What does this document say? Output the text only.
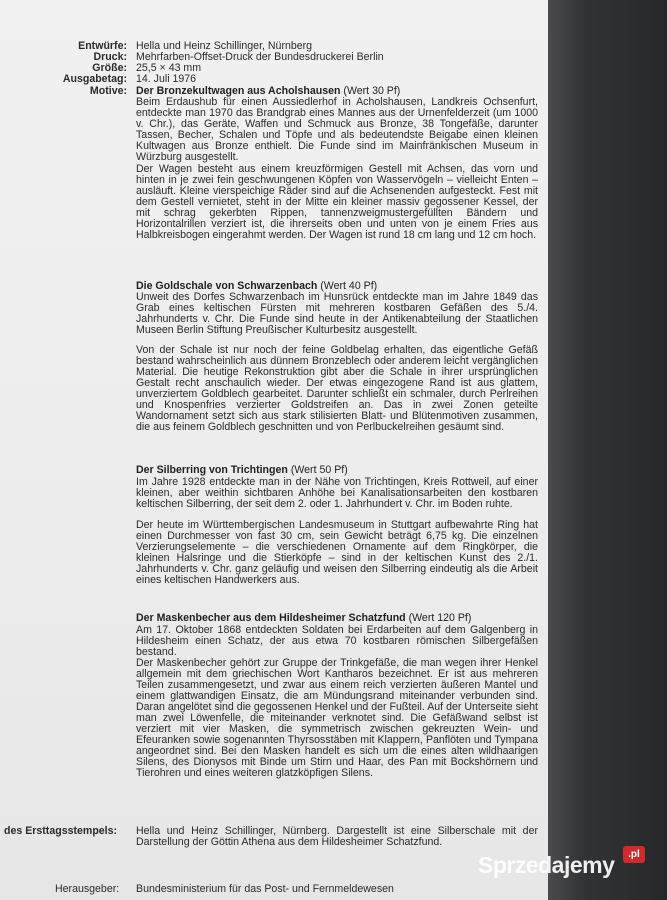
Entwürfe: Hella und Heinz Schillinger, Nürnberg
Druck: Mehrfarben-Offset-Druck der Bundesdruckerei Berlin
Größe: 25,5 × 43 mm
Ausgabetag: 14. Juli 1976
Motive: Der Bronzekultwagen aus Acholshausen (Wert 30 Pf)

Beim Erdaushub für einen Aussiedlerhof in Acholshausen, Landkreis Ochsenfurt, entdeckte man 1970 das Brandgrab eines Mannes aus der Urnenfelderzeit (um 1000 v. Chr.), das Geräte, Waffen und Schmuck aus Bronze, 38 Tongefäße, darunter Tassen, Becher, Schalen und Töpfe und als bedeutendste Beigabe einen kleinen Kultwagen aus Bronze enthielt. Die Funde sind im Mainfränkischen Museum in Würzburg ausgestellt.

Der Wagen besteht aus einem kreuzförmigen Gestell mit Achsen, das vorn und hinten in je zwei fein geschwungenen Köpfen von Wasservögeln – vielleicht Enten – ausläuft. Kleine vierspeichige Räder sind auf die Achsenenden aufgesteckt. Fest mit dem Gestell vernietet, steht in der Mitte ein kleiner massiv gegossener Kessel, der mit schrag gekerbten Rippen, tannenzweigmustergefüllten Bändern und Horizontalrillen verziert ist, die ihrerseits oben und unten von je einem Fries aus Halbkreisbogen eingerahmt werden. Der Wagen ist rund 18 cm lang und 12 cm hoch.

Die Goldschale von Schwarzenbach (Wert 40 Pf)

Unweit des Dorfes Schwarzenbach im Hunsrück entdeckte man im Jahre 1849 das Grab eines keltischen Fürsten mit mehreren kostbaren Gefäßen des 5./4. Jahrhunderts v. Chr. Die Funde sind heute in der Antikenabteilung der Staatlichen Museen Berlin Stiftung Preußischer Kulturbesitz ausgestellt.

Von der Schale ist nur noch der feine Goldbelag erhalten, das eigentliche Gefäß bestand wahrscheinlich aus dünnem Bronzeblech oder anderem leicht vergänglichen Material. Die heutige Rekonstruktion gibt aber die Schale in ihrer ursprünglichen Gestalt recht anschaulich wieder. Der etwas eingezogene Rand ist aus glattem, unverziertem Goldblech gearbeitet. Darunter schließt ein schmaler, durch Perlreihen und Knospenfries verzierter Goldstreifen an. Das in zwei Zonen geteilte Wandornament setzt sich aus stark stilisierten Blatt- und Blütenmotiven zusammen, die aus feinem Goldblech geschnitten und von Perlbuckelreihen gesäumt sind.

Der Silberring von Trichtingen (Wert 50 Pf)

Im Jahre 1928 entdeckte man in der Nähe von Trichtingen, Kreis Rottweil, auf einer kleinen, aber weithin sichtbaren Anhöhe bei Kanalisationsarbeiten den kostbaren keltischen Silberring, der seit dem 2. oder 1. Jahrhundert v. Chr. im Boden ruhte.

Der heute im Württembergischen Landesmuseum in Stuttgart aufbewahrte Ring hat einen Durchmesser von fast 30 cm, sein Gewicht beträgt 6,75 kg. Die einzelnen Verzierungselemente – die verschiedenen Ornamente auf dem Ringkörper, die kleinen Halsringe und die Stierköpfe – sind in der keltischen Kunst des 2./1. Jahrhunderts v. Chr. ganz geläufig und weisen den Silberring eindeutig als die Arbeit eines keltischen Handwerkers aus.

Der Maskenbecher aus dem Hildesheimer Schatzfund (Wert 120 Pf)

Am 17. Oktober 1868 entdeckten Soldaten bei Erdarbeiten auf dem Galgenberg in Hildesheim einen Schatz, der aus etwa 70 kostbaren römischen Silbergefäßen bestand.

Der Maskenbecher gehört zur Gruppe der Trinkgefäße, die man wegen ihrer Henkel allgemein mit dem griechischen Wort Kantharos bezeichnet. Er ist aus mehreren Teilen zusammengesetzt, und zwar aus einem reich verzierten äußeren Mantel und einem glattwandigen Einsatz, die am Mündungsrand miteinander verbunden sind. Daran angelötet sind die gegossenen Henkel und der Fußteil. Auf der Unterseite sieht man zwei Löwenfelle, die miteinander verknotet sind. Die Gefäßwand selbst ist verziert mit vier Masken, die symmetrisch zwischen gekreuzten Wein- und Efeuranken sowie sogenannten Thyrsosstäben mit Klappern, Panflöten und Tympana angeordnet sind. Bei den Masken handelt es sich um die eines alten wildhaarigen Silens, des Dionysos mit Binde um Stirn und Haar, des Pan mit Bockshörnern und Tierohren und eines weiteren glatzköpfigen Silens.

des Ersttagsstempels: Hella und Heinz Schillinger, Nürnberg. Dargestellt ist eine Silberschale mit der Darstellung der Göttin Athena aus dem Hildesheimer Schatzfund.

Herausgeber: Bundesministerium für das Post- und Fernmeldewesen
Sprzedajemy	.pl
